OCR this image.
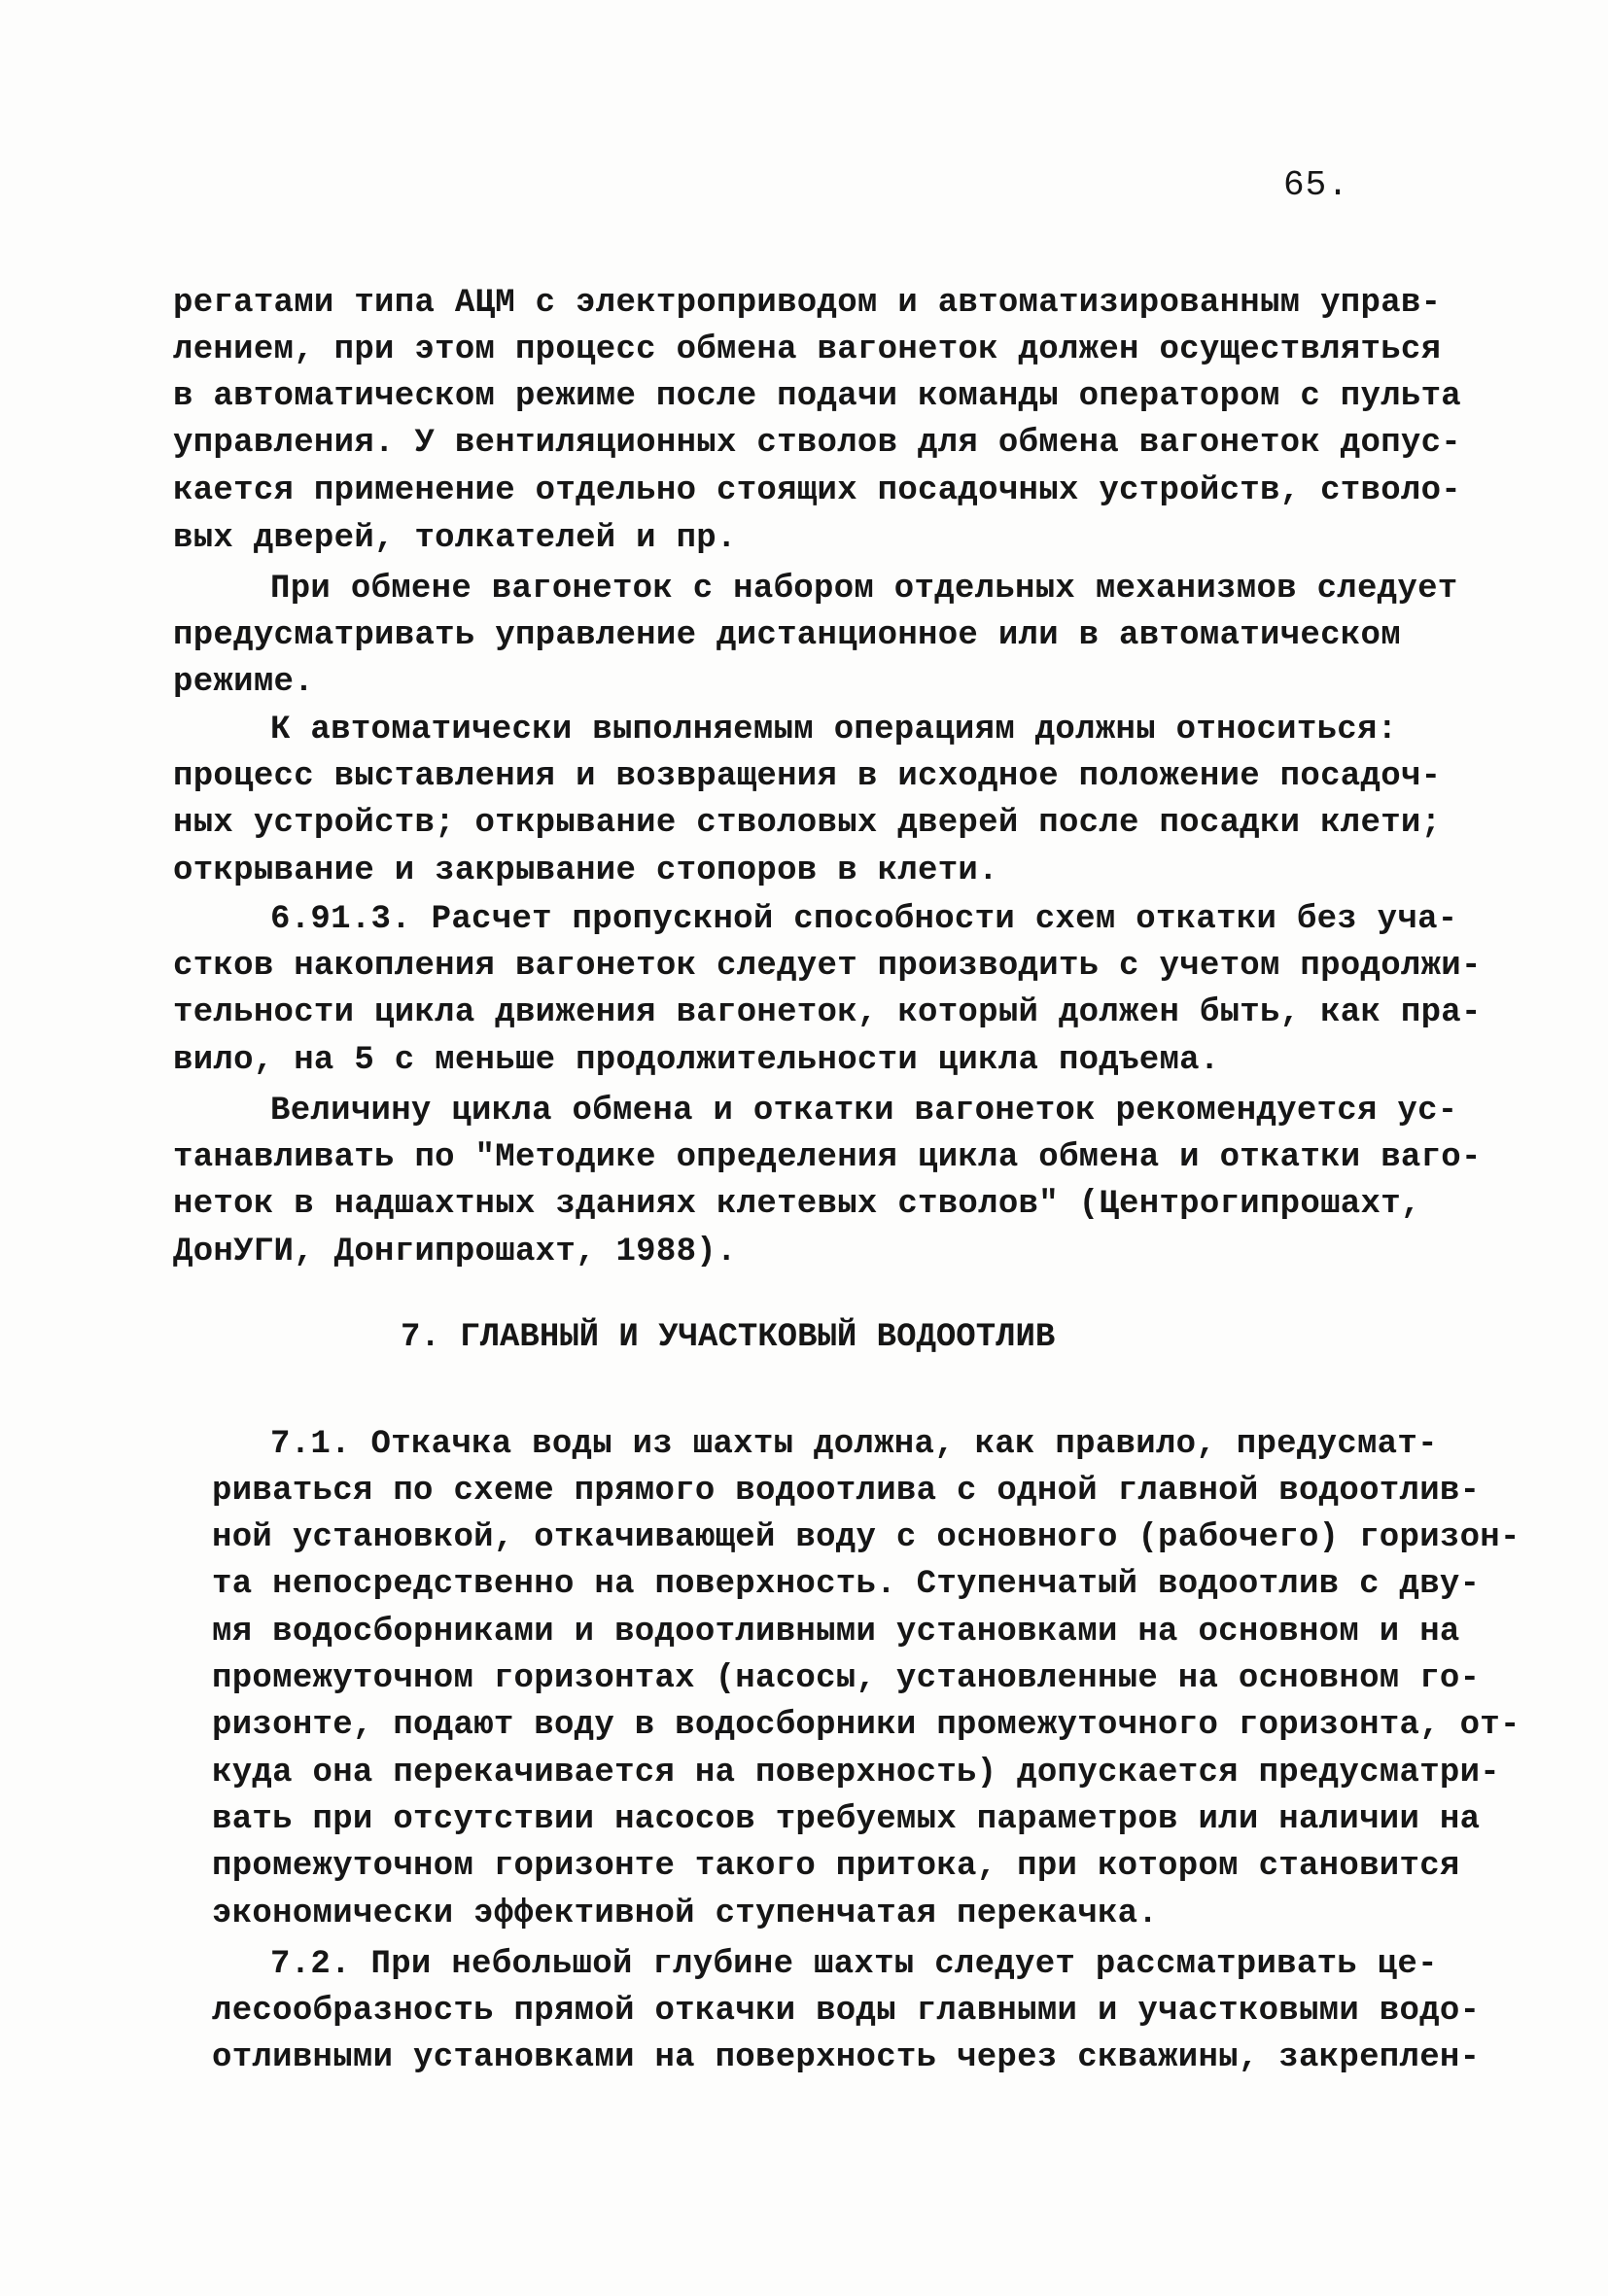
65.
регатами типа АЦМ с электроприводом и автоматизированным управ-
лением, при этом процесс обмена вагонеток должен осуществляться
в автоматическом режиме после подачи команды оператором с пульта
управления. У вентиляционных стволов для обмена вагонеток допус-
кается применение отдельно стоящих посадочных устройств, стволо-
вых дверей, толкателей и пр.
При обмене вагонеток с набором отдельных механизмов следует
предусматривать управление дистанционное или в автоматическом
режиме.
К автоматически выполняемым операциям должны относиться:
процесс выставления и возвращения в исходное положение посадоч-
ных устройств; открывание стволовых дверей после посадки клети;
открывание и закрывание стопоров в клети.
6.91.3. Расчет пропускной способности схем откатки без уча-
стков накопления вагонеток следует производить с учетом продолжи-
тельности цикла движения вагонеток, который должен быть, как пра-
вило, на 5 с меньше продолжительности цикла подъема.
Величину цикла обмена и откатки вагонеток рекомендуется ус-
танавливать по "Методике определения цикла обмена и откатки ваго-
неток в надшахтных зданиях клетевых стволов" (Центрогипрошахт,
ДонУГИ, Донгипрошахт, 1988).
7. ГЛАВНЫЙ И УЧАСТКОВЫЙ ВОДООТЛИВ
7.1. Откачка воды из шахты должна, как правило, предусмат-
риваться по схеме прямого водоотлива с одной главной водоотлив-
ной установкой, откачивающей воду с основного (рабочего) горизон-
та непосредственно на поверхность. Ступенчатый водоотлив с дву-
мя водосборниками и водоотливными установками на основном и на
промежуточном горизонтах (насосы, установленные на основном го-
ризонте, подают воду в водосборники промежуточного горизонта, от-
куда она перекачивается на поверхность) допускается предусматри-
вать при отсутствии насосов требуемых параметров или наличии на
промежуточном горизонте такого притока, при котором становится
экономически эффективной ступенчатая перекачка.
7.2. При небольшой глубине шахты следует рассматривать це-
лесообразность прямой откачки воды главными и участковыми водо-
отливными установками на поверхность через скважины, закреплен-
